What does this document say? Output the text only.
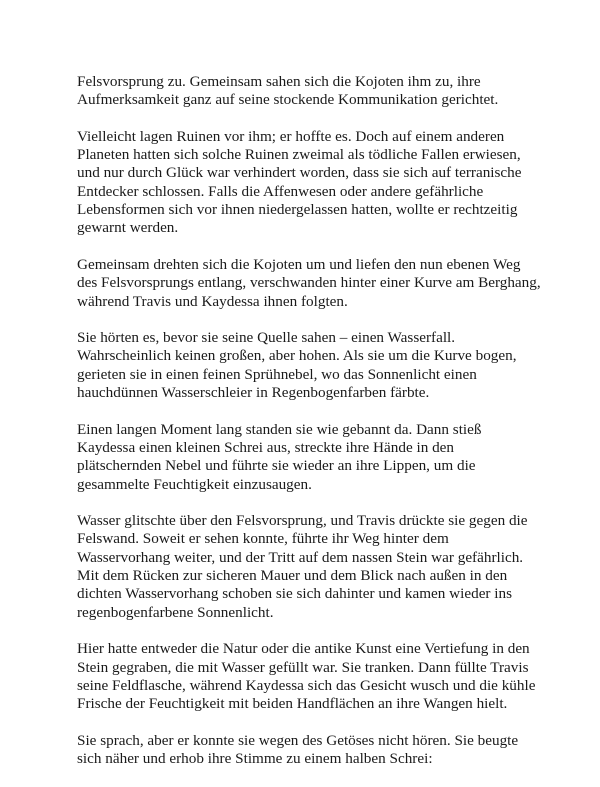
Felsvorsprung zu. Gemeinsam sahen sich die Kojoten ihm zu, ihre
Aufmerksamkeit ganz auf seine stockende Kommunikation gerichtet.

Vielleicht lagen Ruinen vor ihm; er hoffte es. Doch auf einem anderen
Planeten hatten sich solche Ruinen zweimal als tödliche Fallen erwiesen,
und nur durch Glück war verhindert worden, dass sie sich auf terranische
Entdecker schlossen. Falls die Affenwesen oder andere gefährliche
Lebensformen sich vor ihnen niedergelassen hatten, wollte er rechtzeitig
gewarnt werden.

Gemeinsam drehten sich die Kojoten um und liefen den nun ebenen Weg
des Felsvorsprungs entlang, verschwanden hinter einer Kurve am Berghang,
während Travis und Kaydessa ihnen folgten.

Sie hörten es, bevor sie seine Quelle sahen – einen Wasserfall.
Wahrscheinlich keinen großen, aber hohen. Als sie um die Kurve bogen,
gerieten sie in einen feinen Sprühnebel, wo das Sonnenlicht einen
hauchdünnen Wasserschleier in Regenbogenfarben färbte.

Einen langen Moment lang standen sie wie gebannt da. Dann stieß
Kaydessa einen kleinen Schrei aus, streckte ihre Hände in den
plätschernden Nebel und führte sie wieder an ihre Lippen, um die
gesammelte Feuchtigkeit einzusaugen.

Wasser glitschte über den Felsvorsprung, und Travis drückte sie gegen die
Felswand. Soweit er sehen konnte, führte ihr Weg hinter dem
Wasservorhang weiter, und der Tritt auf dem nassen Stein war gefährlich.
Mit dem Rücken zur sicheren Mauer und dem Blick nach außen in den
dichten Wasservorhang schoben sie sich dahinter und kamen wieder ins
regenbogenfarbene Sonnenlicht.

Hier hatte entweder die Natur oder die antike Kunst eine Vertiefung in den
Stein gegraben, die mit Wasser gefüllt war. Sie tranken. Dann füllte Travis
seine Feldflasche, während Kaydessa sich das Gesicht wusch und die kühle
Frische der Feuchtigkeit mit beiden Handflächen an ihre Wangen hielt.

Sie sprach, aber er konnte sie wegen des Getöses nicht hören. Sie beugte
sich näher und erhob ihre Stimme zu einem halben Schrei:
